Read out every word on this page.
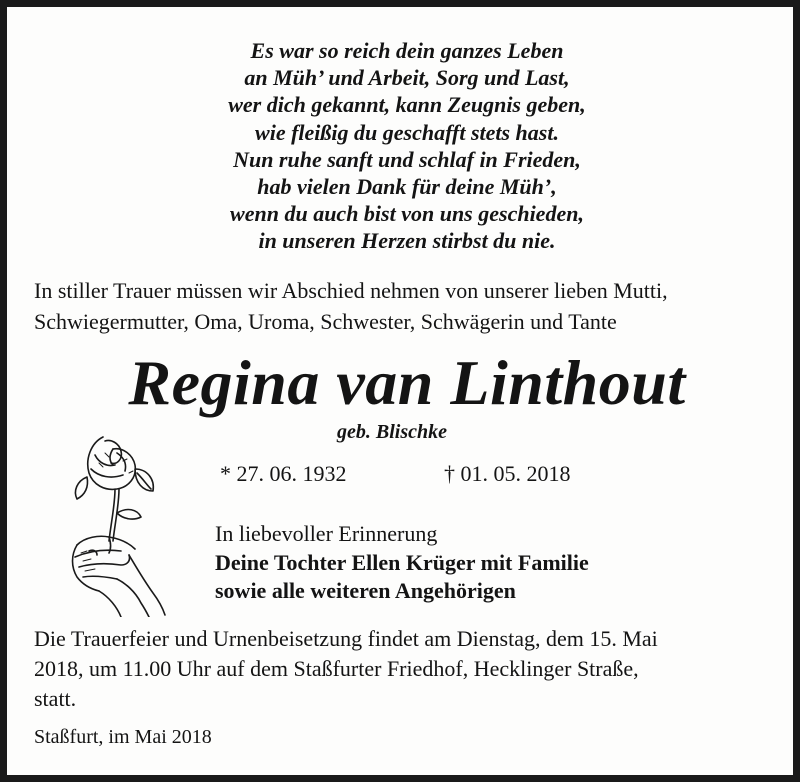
Es war so reich dein ganzes Leben
an Müh’ und Arbeit, Sorg und Last,
wer dich gekannt, kann Zeugnis geben,
wie fleißig du geschafft stets hast.
Nun ruhe sanft und schlaf in Frieden,
hab vielen Dank für deine Müh’,
wenn du auch bist von uns geschieden,
in unseren Herzen stirbst du nie.
In stiller Trauer müssen wir Abschied nehmen von unserer lieben Mutti,
Schwiegermutter, Oma, Uroma, Schwester, Schwägerin und Tante
Regina van Linthout
geb. Blischke
* 27. 06. 1932	† 01. 05. 2018
In liebevoller Erinnerung
Deine Tochter Ellen Krüger mit Familie
sowie alle weiteren Angehörigen
Die Trauerfeier und Urnenbeisetzung findet am Dienstag, dem 15. Mai
2018, um 11.00 Uhr auf dem Staßfurter Friedhof, Hecklinger Straße,
statt.
Staßfurt, im Mai 2018
